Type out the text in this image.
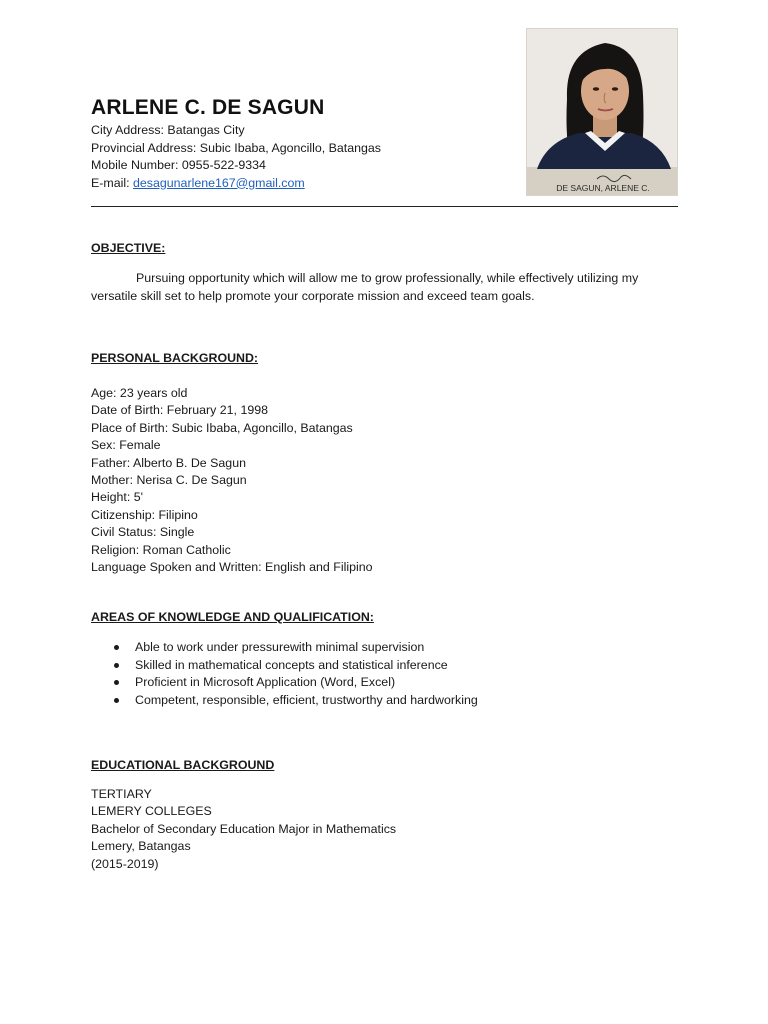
ARLENE C. DE SAGUN
City Address: Batangas City
Provincial Address: Subic Ibaba, Agoncillo, Batangas
Mobile Number: 0955-522-9334
E-mail: desagunarlene167@gmail.com	DE SAGUN, ARLENE C.
OBJECTIVE:

Pursuing opportunity which will allow me to grow professionally, while effectively utilizing my
versatile skill set to help promote your corporate mission and exceed team goals.

PERSONAL BACKGROUND:
Age: 23 years old
Date of Birth: February 21, 1998
Place of Birth: Subic Ibaba, Agoncillo, Batangas
Sex: Female
Father: Alberto B. De Sagun
Mother: Nerisa C. De Sagun
Height: 5'
Citizenship: Filipino
Civil Status: Single
Religion: Roman Catholic
Language Spoken and Written: English and Filipino
AREAS OF KNOWLEDGE AND QUALIFICATION:
Able to work under pressurewith minimal supervision
Skilled in mathematical concepts and statistical inference
Proficient in Microsoft Application (Word, Excel)
Competent, responsible, efficient, trustworthy and hardworking
EDUCATIONAL BACKGROUND
TERTIARY
LEMERY COLLEGES
Bachelor of Secondary Education Major in Mathematics
Lemery, Batangas
(2015-2019)
